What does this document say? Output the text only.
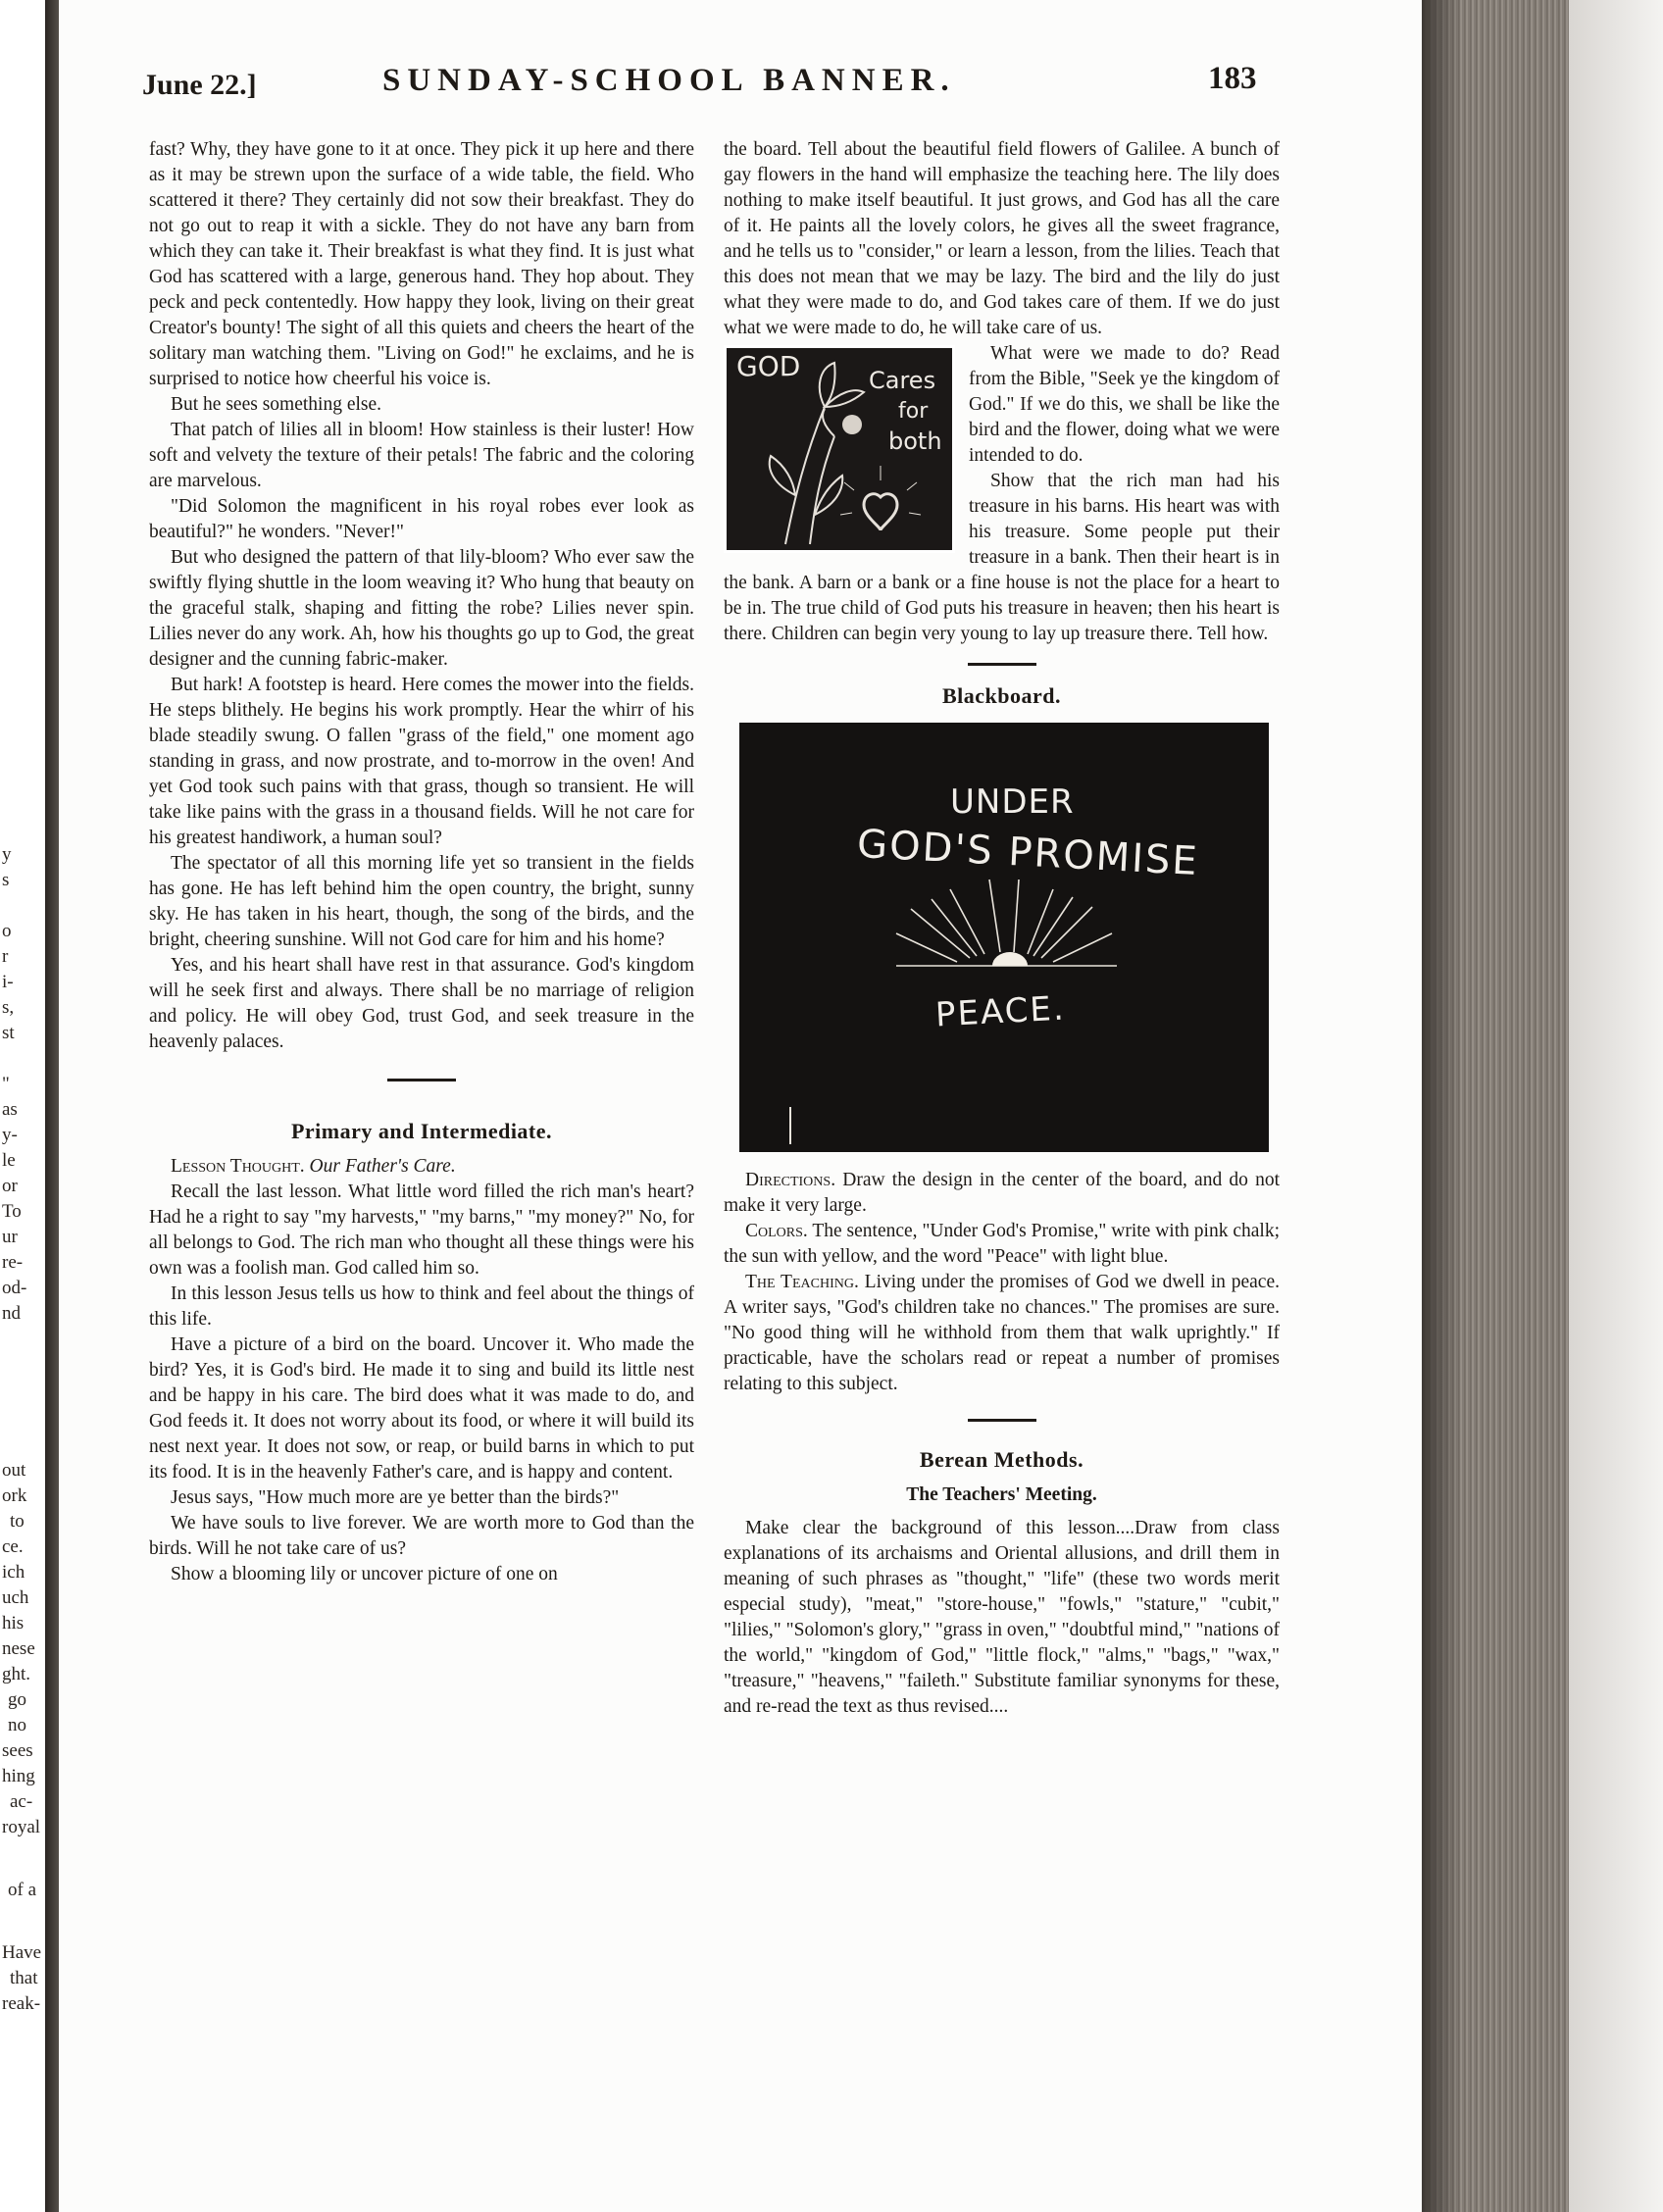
y
s
o
r
i-
s,
st
"
as
y-
le
or
To
ur
re-
od-
nd
out
ork
to
ce.
ich
uch
his
nese
ght.
go
no
sees
hing
ac-
royal
of a
Have
that
reak-
June 22.]	SUNDAY-SCHOOL BANNER.	183

fast? Why, they have gone to it at once. They pick it up here and there as it may be strewn upon the surface of a wide table, the field. Who scattered it there? They certainly did not sow their breakfast. They do not go out to reap it with a sickle. They do not have any barn from which they can take it. Their breakfast is what they find. It is just what God has scattered with a large, generous hand. They hop about. They peck and peck contentedly. How happy they look, living on their great Creator's bounty! The sight of all this quiets and cheers the heart of the solitary man watching them. "Living on God!" he exclaims, and he is surprised to notice how cheerful his voice is.

But he sees something else.

That patch of lilies all in bloom! How stainless is their luster! How soft and velvety the texture of their petals! The fabric and the coloring are marvelous.

"Did Solomon the magnificent in his royal robes ever look as beautiful?" he wonders. "Never!"

But who designed the pattern of that lily-bloom? Who ever saw the swiftly flying shuttle in the loom weaving it? Who hung that beauty on the graceful stalk, shaping and fitting the robe? Lilies never spin. Lilies never do any work. Ah, how his thoughts go up to God, the great designer and the cunning fabric-maker.

But hark! A footstep is heard. Here comes the mower into the fields. He steps blithely. He begins his work promptly. Hear the whirr of his blade steadily swung. O fallen "grass of the field," one moment ago standing in grass, and now prostrate, and to-morrow in the oven! And yet God took such pains with that grass, though so transient. He will take like pains with the grass in a thousand fields. Will he not care for his greatest handiwork, a human soul?

The spectator of all this morning life yet so transient in the fields has gone. He has left behind him the open country, the bright, sunny sky. He has taken in his heart, though, the song of the birds, and the bright, cheering sunshine. Will not God care for him and his home?

Yes, and his heart shall have rest in that assurance. God's kingdom will he seek first and always. There shall be no marriage of religion and policy. He will obey God, trust God, and seek treasure in the heavenly palaces.

Primary and Intermediate.

Lesson Thought. Our Father's Care.

Recall the last lesson. What little word filled the rich man's heart? Had he a right to say "my harvests," "my barns," "my money?" No, for all belongs to God. The rich man who thought all these things were his own was a foolish man. God called him so.

In this lesson Jesus tells us how to think and feel about the things of this life.

Have a picture of a bird on the board. Uncover it. Who made the bird? Yes, it is God's bird. He made it to sing and build its little nest and be happy in his care. The bird does what it was made to do, and God feeds it. It does not worry about its food, or where it will build its nest next year. It does not sow, or reap, or build barns in which to put its food. It is in the heavenly Father's care, and is happy and content.

Jesus says, "How much more are ye better than the birds?"

We have souls to live forever. We are worth more to God than the birds. Will he not take care of us?

Show a blooming lily or uncover picture of one on

the board. Tell about the beautiful field flowers of Galilee. A bunch of gay flowers in the hand will emphasize the teaching here. The lily does nothing to make itself beautiful. It just grows, and God has all the care of it. He paints all the lovely colors, he gives all the sweet fragrance, and he tells us to "consider," or learn a lesson, from the lilies. Teach that this does not mean that we may be lazy. The bird and the lily do just what they were made to do, and God takes care of them. If we do just what we were made to do, he will take care of us.

GOD	Cares
for
both

What were we made to do? Read from the Bible, "Seek ye the kingdom of God." If we do this, we shall be like the bird and the flower, doing what we were intended to do.

Show that the rich man had his treasure in his barns. His heart was with his treasure. Some people put their treasure in a bank. Then their heart is in the bank. A barn or a bank or a fine house is not the place for a heart to be in. The true child of God puts his treasure in heaven; then his heart is there. Children can begin very young to lay up treasure there. Tell how.

Blackboard.
UNDER
GOD'S PROMISE
PEACE.

Directions. Draw the design in the center of the board, and do not make it very large.

Colors. The sentence, "Under God's Promise," write with pink chalk; the sun with yellow, and the word "Peace" with light blue.

The Teaching. Living under the promises of God we dwell in peace. A writer says, "God's children take no chances." The promises are sure. "No good thing will he withhold from them that walk uprightly." If practicable, have the scholars read or repeat a number of promises relating to this subject.

Berean Methods.
The Teachers' Meeting.

Make clear the background of this lesson....Draw from class explanations of its archaisms and Oriental allusions, and drill them in meaning of such phrases as "thought," "life" (these two words merit especial study), "meat," "store-house," "fowls," "stature," "cubit," "lilies," "Solomon's glory," "grass in oven," "doubtful mind," "nations of the world," "kingdom of God," "little flock," "alms," "bags," "wax," "treasure," "heavens," "faileth." Substitute familiar synonyms for these, and re-read the text as thus revised....
